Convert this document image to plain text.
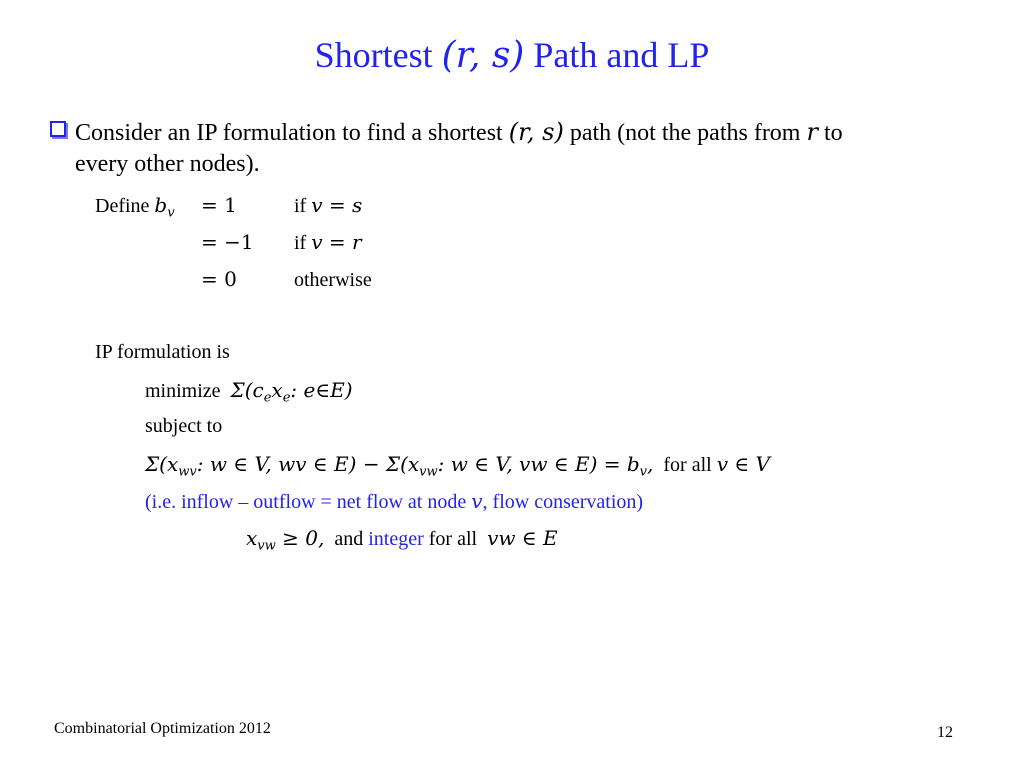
Shortest (r, s) Path and LP
Consider an IP formulation to find a shortest (r, s) path (not the paths from r to
every other nodes).
Define $b_v = 1$	if v = s
= −1 if v = r
= 0	otherwise
IP formulation is
minimize $\Sigma(c_ex_e$: e∈E)
subject to
$\Sigma(x_{wv}$: w ∈ V, wv ∈ $E) - \Sigma(x_{vw}$: w ∈ V, vw ∈ $E) = b_v$,  for all v ∈ V
(i.e. inflow – outflow = net flow at node v, flow conservation)
$x_{vw} \ge 0$,  and integer for all  vw ∈ E
Combinatorial Optimization 2012	12
